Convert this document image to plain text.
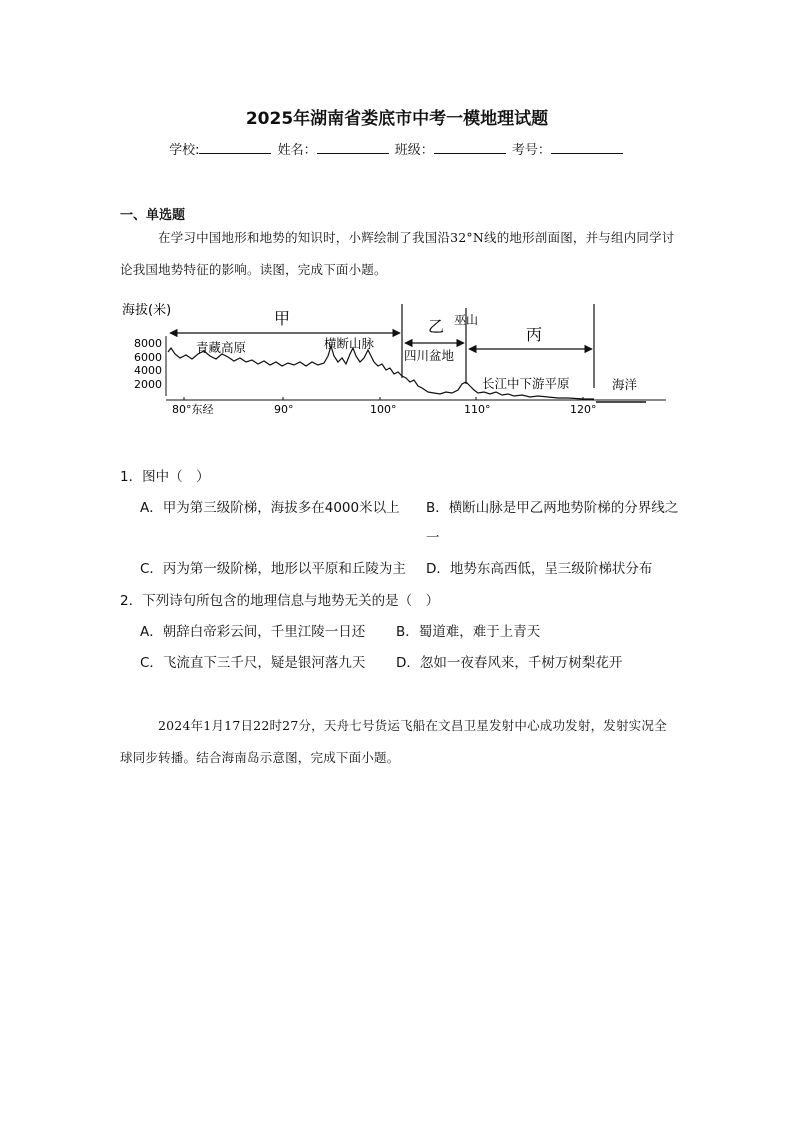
2025年湖南省娄底市中考一模地理试题
学校:	姓名：	班级：	考号：
一、单选题
在学习中国地形和地势的知识时，小辉绘制了我国沿32°N线的地形剖面图，并与组内同学讨论我国地势特征的影响。读图，完成下面小题。
海拔(米)
8000
6000
4000
2000
80°东经	90°	100°	110°	120°
甲	乙	丙
巫山
青藏高原	横断山脉
四川盆地
长江中下游平原	海洋
1．图中（　）
A．甲为第三级阶梯，海拔多在4000米以上	B．横断山脉是甲乙两地势阶梯的分界线之一
C．丙为第一级阶梯，地形以平原和丘陵为主	D．地势东高西低，呈三级阶梯状分布
2．下列诗句所包含的地理信息与地势无关的是（　）
A．朝辞白帝彩云间，千里江陵一日还	B．蜀道难，难于上青天
C．飞流直下三千尺，疑是银河落九天	D．忽如一夜春风来，千树万树梨花开
2024年1月17日22时27分，天舟七号货运飞船在文昌卫星发射中心成功发射，发射实况全球同步转播。结合海南岛示意图，完成下面小题。
